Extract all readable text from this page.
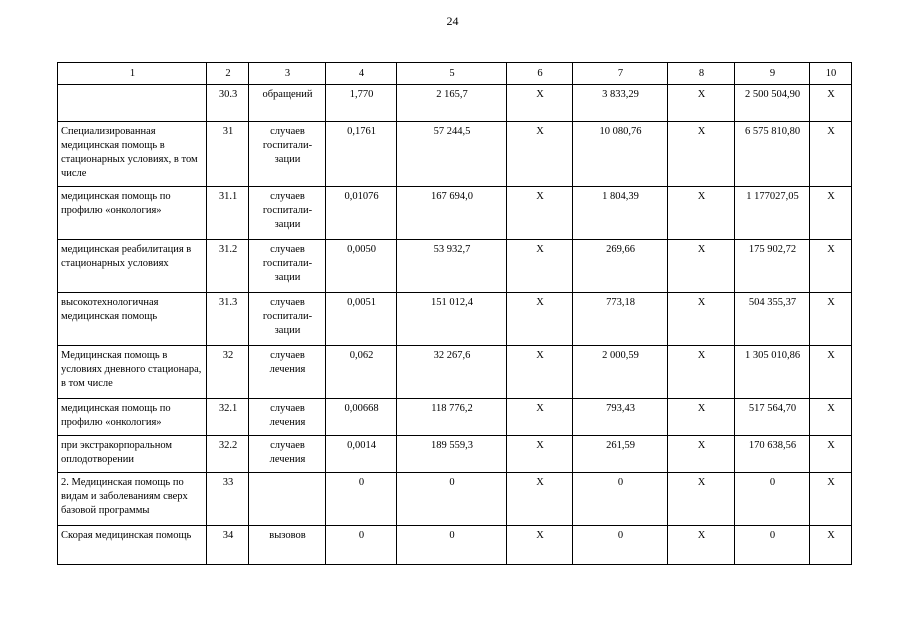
24
1	2	3	4	5	6	7	8	9	10
	30.3	обращений	1,770	2 165,7	Х	3 833,29	Х	2 500 504,90	Х
Специализированная медицинская помощь в стационарных условиях, в том числе	31	случаев госпитали-зации	0,1761	57 244,5	Х	10 080,76	Х	6 575 810,80	Х
медицинская помощь по профилю «онкология»	31.1	случаев госпитали-зации	0,01076	167 694,0	Х	1 804,39	Х	1 177027,05	Х
медицинская реабилитация в стационарных условиях	31.2	случаев госпитали-зации	0,0050	53 932,7	Х	269,66	Х	175 902,72	Х
высокотехнологичная медицинская помощь	31.3	случаев госпитали-зации	0,0051	151 012,4	Х	773,18	Х	504 355,37	Х
Медицинская помощь в условиях дневного стационара, в том числе	32	случаев лечения	0,062	32 267,6	Х	2 000,59	Х	1 305 010,86	Х
медицинская помощь по профилю «онкология»	32.1	случаев лечения	0,00668	118 776,2	Х	793,43	Х	517 564,70	Х
при экстракорпоральном оплодотворении	32.2	случаев лечения	0,0014	189 559,3	Х	261,59	Х	170 638,56	Х
2. Медицинская помощь по видам и заболеваниям сверх базовой программы	33		0	0	Х	0	Х	0	Х
Скорая медицинская помощь	34	вызовов	0	0	Х	0	Х	0	Х
